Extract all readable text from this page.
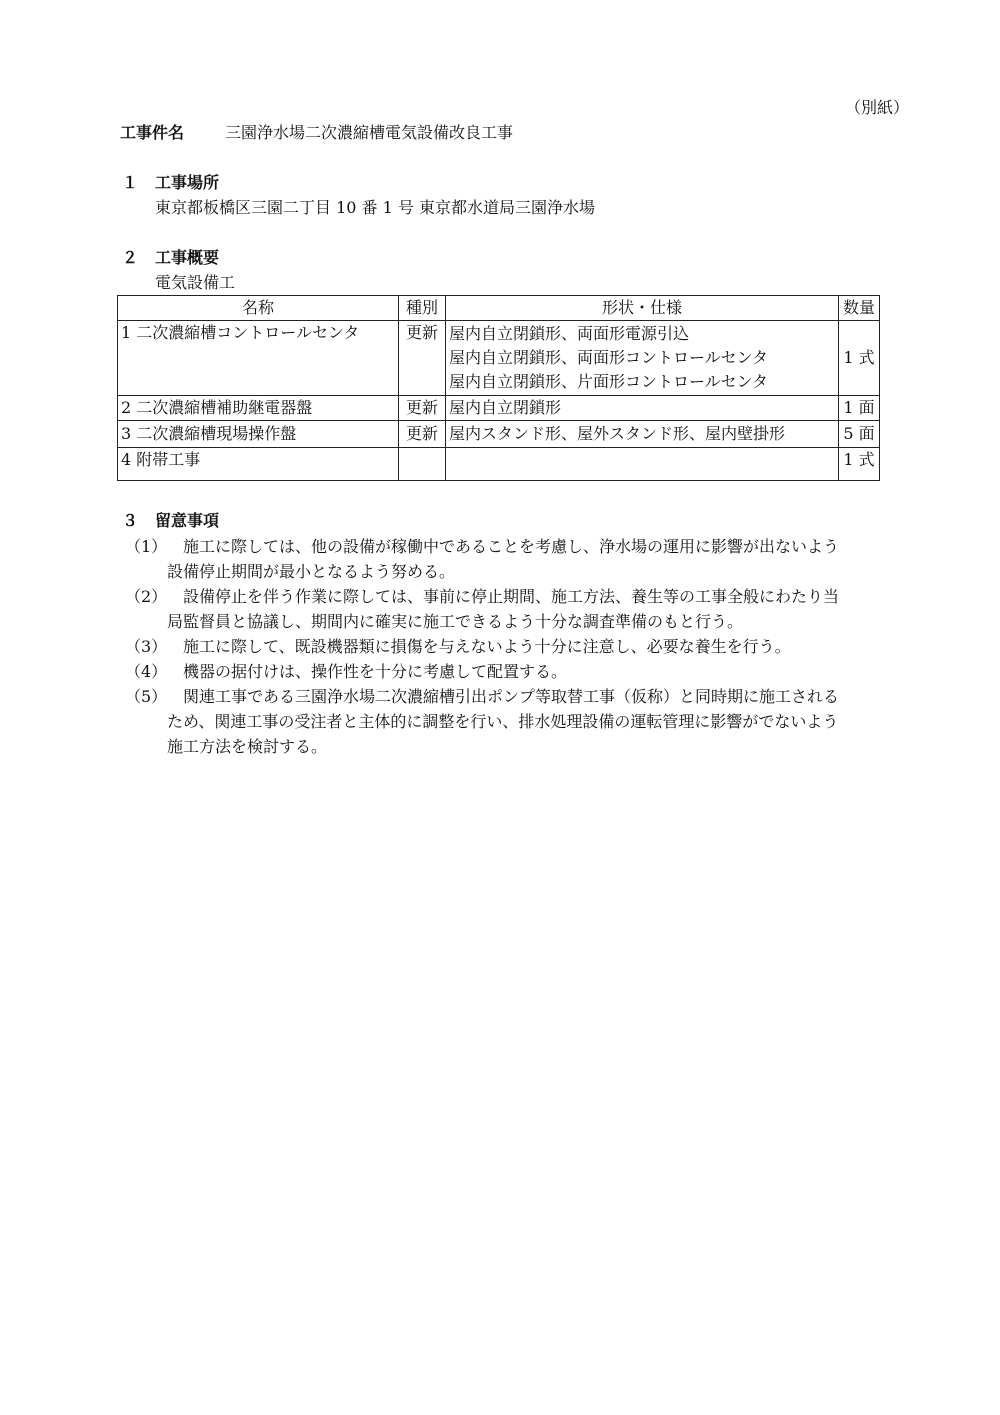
（別紙）
工事件名	三園浄水場二次濃縮槽電気設備改良工事
１ 工事場所
東京都板橋区三園二丁目 10 番 1 号 東京都水道局三園浄水場
２ 工事概要
電気設備工
名称	種別	形状・仕様	数量
1 二次濃縮槽コントロールセンタ	更新	屋内自立閉鎖形、両面形電源引込
屋内自立閉鎖形、両面形コントロールセンタ
屋内自立閉鎖形、片面形コントロールセンタ	1 式
2 二次濃縮槽補助継電器盤	更新	屋内自立閉鎖形	1 面
3 二次濃縮槽現場操作盤	更新	屋内スタンド形、屋外スタンド形、屋内壁掛形	5 面
4 附帯工事			1 式
３ 留意事項
（1） 施工に際しては、他の設備が稼働中であることを考慮し、浄水場の運用に影響が出ないよう
設備停止期間が最小となるよう努める。
（2） 設備停止を伴う作業に際しては、事前に停止期間、施工方法、養生等の工事全般にわたり当
局監督員と協議し、期間内に確実に施工できるよう十分な調査準備のもと行う。
（3） 施工に際して、既設機器類に損傷を与えないよう十分に注意し、必要な養生を行う。
（4） 機器の据付けは、操作性を十分に考慮して配置する。
（5） 関連工事である三園浄水場二次濃縮槽引出ポンプ等取替工事（仮称）と同時期に施工される
ため、関連工事の受注者と主体的に調整を行い、排水処理設備の運転管理に影響がでないよう
施工方法を検討する。
